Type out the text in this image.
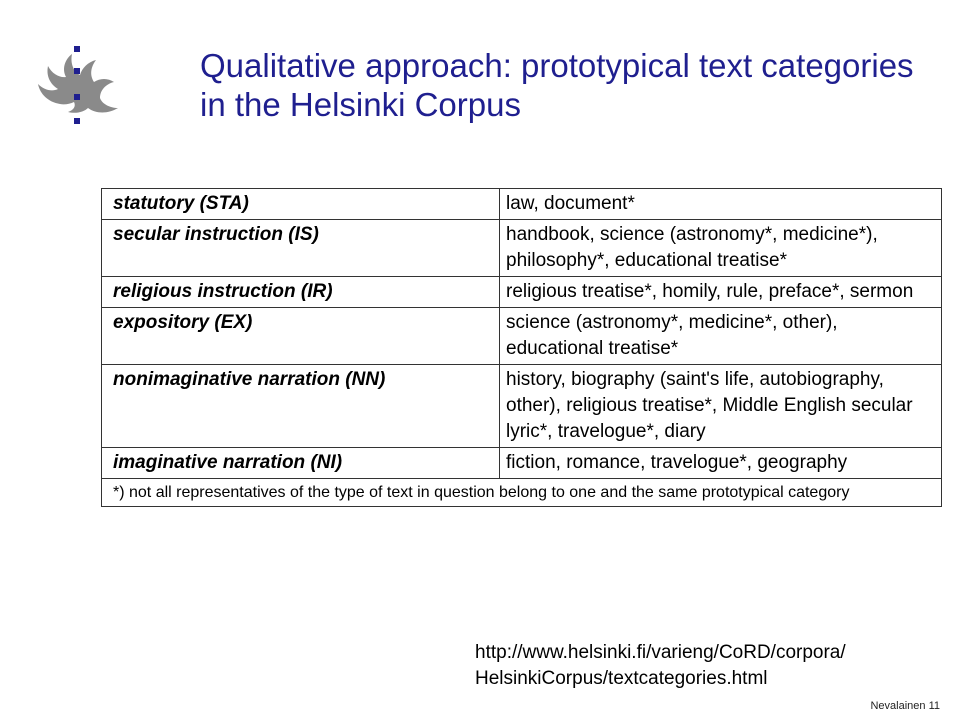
Qualitative approach: prototypical text categories in the Helsinki Corpus
statutory (STA)	law, document*
secular instruction (IS)	handbook, science (astronomy*, medicine*), philosophy*, educational treatise*
religious instruction (IR)	religious treatise*, homily, rule, preface*, sermon
expository (EX)	science (astronomy*, medicine*, other), educational treatise*
nonimaginative narration (NN)	history, biography (saint's life, autobiography, other), religious treatise*, Middle English secular lyric*, travelogue*, diary
imaginative narration (NI)	fiction, romance, travelogue*, geography
*) not all representatives of the type of text in question belong to one and the same prototypical category	
http://www.helsinki.fi/varieng/CoRD/corpora/
HelsinkiCorpus/textcategories.html
Nevalainen 11
